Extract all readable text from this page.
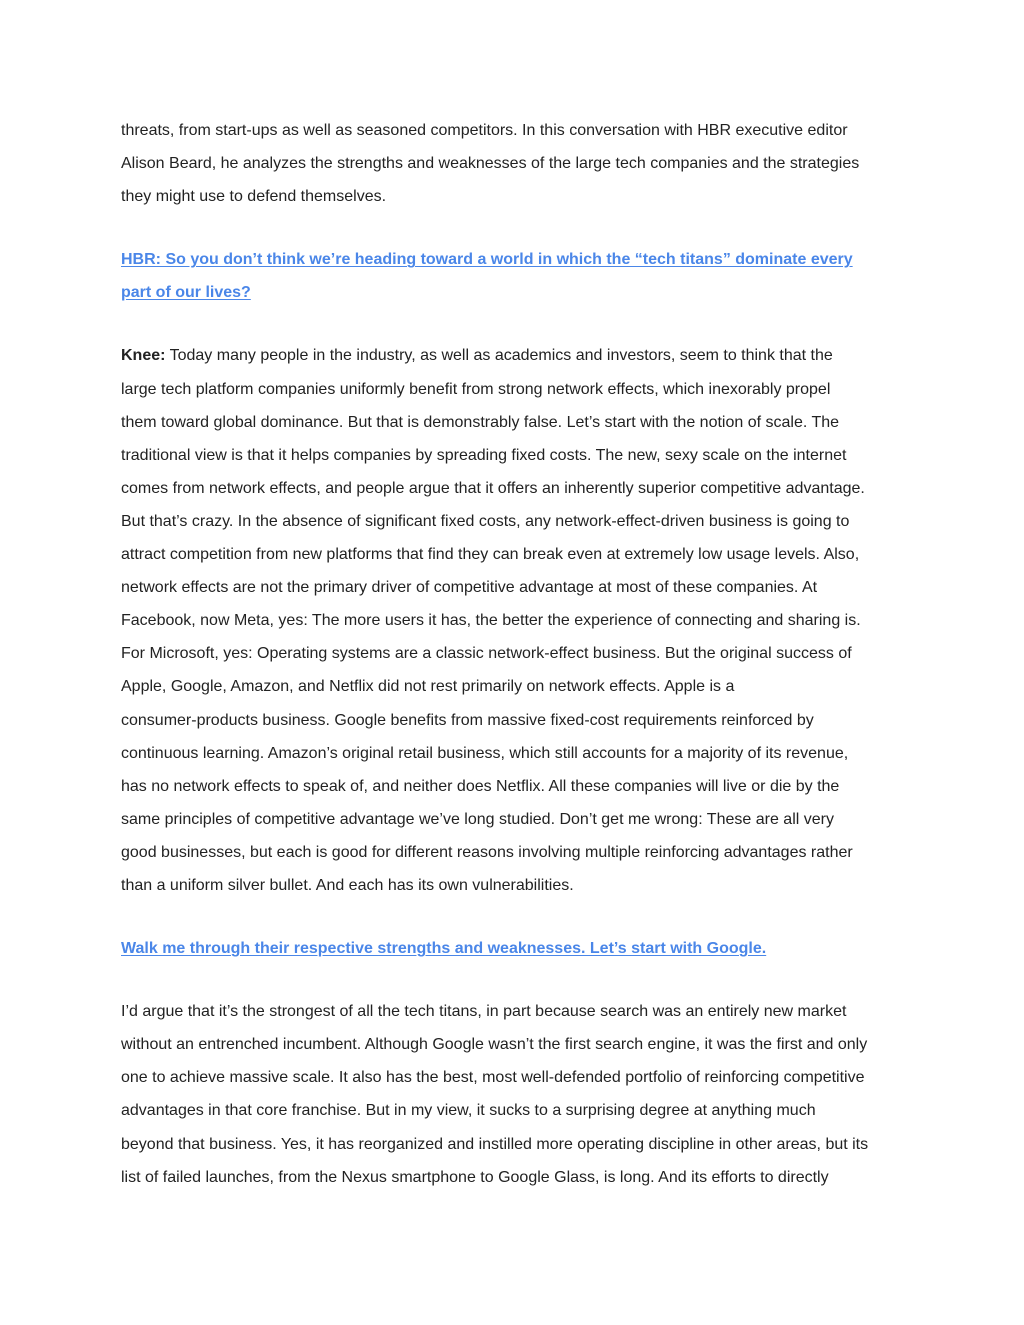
threats, from start-ups as well as seasoned competitors. In this conversation with HBR executive editor
Alison Beard, he analyzes the strengths and weaknesses of the large tech companies and the strategies
they might use to defend themselves.

HBR: So you don’t think we’re heading toward a world in which the “tech titans” dominate every
part of our lives?

Knee: Today many people in the industry, as well as academics and investors, seem to think that the
large tech platform companies uniformly benefit from strong network effects, which inexorably propel
them toward global dominance. But that is demonstrably false. Let’s start with the notion of scale. The
traditional view is that it helps companies by spreading fixed costs. The new, sexy scale on the internet
comes from network effects, and people argue that it offers an inherently superior competitive advantage.
But that’s crazy. In the absence of significant fixed costs, any network-effect-driven business is going to
attract competition from new platforms that find they can break even at extremely low usage levels. Also,
network effects are not the primary driver of competitive advantage at most of these companies. At
Facebook, now Meta, yes: The more users it has, the better the experience of connecting and sharing is.
For Microsoft, yes: Operating systems are a classic network-effect business. But the original success of
Apple, Google, Amazon, and Netflix did not rest primarily on network effects. Apple is a
consumer-products business. Google benefits from massive fixed-cost requirements reinforced by
continuous learning. Amazon’s original retail business, which still accounts for a majority of its revenue,
has no network effects to speak of, and neither does Netflix. All these companies will live or die by the
same principles of competitive advantage we’ve long studied. Don’t get me wrong: These are all very
good businesses, but each is good for different reasons involving multiple reinforcing advantages rather
than a uniform silver bullet. And each has its own vulnerabilities.

Walk me through their respective strengths and weaknesses. Let’s start with Google.

I’d argue that it’s the strongest of all the tech titans, in part because search was an entirely new market
without an entrenched incumbent. Although Google wasn’t the first search engine, it was the first and only
one to achieve massive scale. It also has the best, most well-defended portfolio of reinforcing competitive
advantages in that core franchise. But in my view, it sucks to a surprising degree at anything much
beyond that business. Yes, it has reorganized and instilled more operating discipline in other areas, but its
list of failed launches, from the Nexus smartphone to Google Glass, is long. And its efforts to directly
